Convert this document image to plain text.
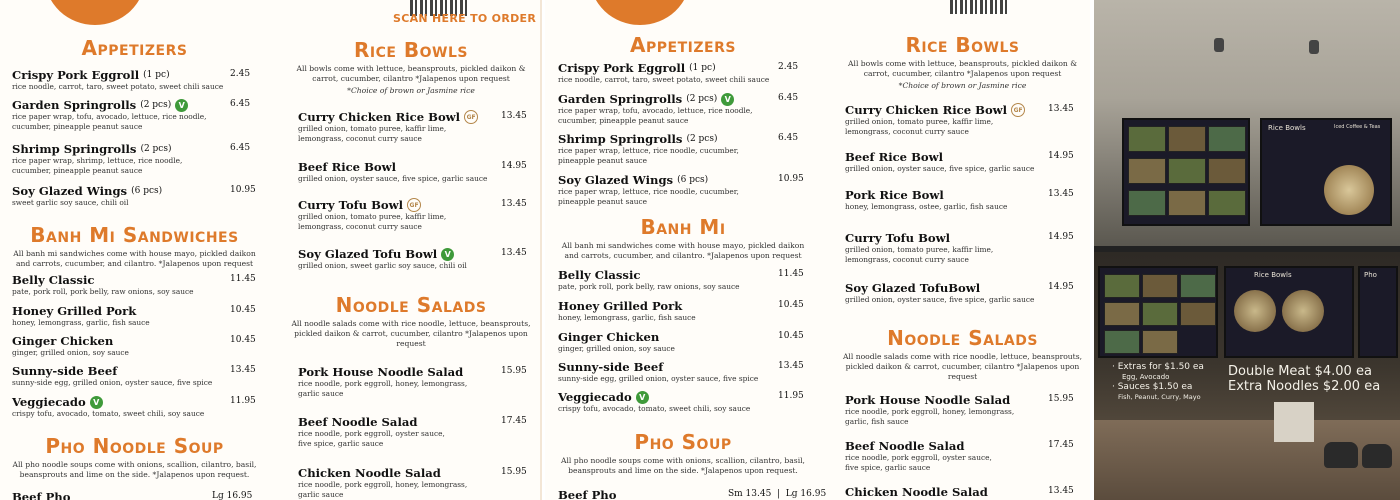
SCAN HERE TO ORDER
Appetizers
Crispy Pork Eggroll (1 pc)
rice noodle, carrot, taro, sweet potato, sweet chili sauce
2.45
Garden Springrolls (2 pcs) V
rice paper wrap, tofu, avocado, lettuce, rice noodle, cucumber, pineapple peanut sauce
6.45
Shrimp Springrolls (2 pcs)
rice paper wrap, shrimp, lettuce, rice noodle, cucumber, pineapple peanut sauce
6.45
Soy Glazed Wings (6 pcs)
sweet garlic soy sauce, chili oil
10.95
Banh Mi Sandwiches

All banh mi sandwiches come with house mayo, pickled daikon and carrots, cucumber, and cilantro. *Jalapenos upon request

Belly Classic
pate, pork roll, pork belly, raw onions, soy sauce
11.45
Honey Grilled Pork
honey, lemongrass, garlic, fish sauce
10.45
Ginger Chicken
ginger, grilled onion, soy sauce
10.45
Sunny-side Beef
sunny-side egg, grilled onion, oyster sauce, five spice
13.45
Veggiecado V
crispy tofu, avocado, tomato, sweet chili, soy sauce
11.95
Pho Noodle Soup

All pho noodle soups come with onions, scallion, cilantro, basil, beansprouts and lime on the side. *Jalapenos upon request.

Beef Pho	Lg 16.95
Rice Bowls

All bowls come with lettuce, beansprouts, pickled daikon & carrot, cucumber, cilantro *Jalapenos upon request

*Choice of brown or Jasmine rice

Curry Chicken Rice Bowl	GF
grilled onion, tomato puree, kaffir lime, lemongrass, coconut curry sauce
13.45
Beef Rice Bowl
grilled onion, oyster sauce, five spice, garlic sauce
14.95
Curry Tofu Bowl	GF
grilled onion, tomato puree, kaffir lime, lemongrass, coconut curry sauce
13.45
Soy Glazed Tofu Bowl V
grilled onion, sweet garlic soy sauce, chili oil
13.45
Noodle Salads

All noodle salads come with rice noodle, lettuce, beansprouts, pickled daikon & carrot, cucumber, cilantro *Jalapenos upon request

Pork House Noodle Salad
rice noodle, pork eggroll, honey, lemongrass, garlic sauce
15.95
Beef Noodle Salad
rice noodle, pork eggroll, oyster sauce, five spice, garlic sauce
17.45
Chicken Noodle Salad
rice noodle, pork eggroll, honey, lemongrass, garlic sauce
15.95
Appetizers
Crispy Pork Eggroll (1 pc)
rice noodle, carrot, taro, sweet potato, sweet chili sauce
2.45
Garden Springrolls (2 pcs) V
rice paper wrap, tofu, avocado, lettuce, rice noodle, cucumber, pineapple peanut sauce
6.45
Shrimp Springrolls (2 pcs)
rice paper wrap, lettuce, rice noodle, cucumber, pineapple peanut sauce
6.45
Soy Glazed Wings (6 pcs)
rice paper wrap, lettuce, rice noodle, cucumber, pineapple peanut sauce
10.95
Banh Mi

All banh mi sandwiches come with house mayo, pickled daikon and carrots, cucumber, and cilantro. *Jalapenos upon request

Belly Classic
pate, pork roll, pork belly, raw onions, soy sauce
11.45
Honey Grilled Pork
honey, lemongrass, garlic, fish sauce
10.45
Ginger Chicken
ginger, grilled onion, soy sauce
10.45
Sunny-side Beef
sunny-side egg, grilled onion, oyster sauce, five spice
13.45
Veggiecado V
crispy tofu, avocado, tomato, sweet chili, soy sauce
11.95
Pho Soup

All pho noodle soups come with onions, scallion, cilantro, basil, beansprouts and lime on the side. *Jalapenos upon request.

Beef Pho	Sm 13.45  |  Lg 16.95
Rice Bowls

All bowls come with lettuce, beansprouts, pickled daikon & carrot, cucumber, cilantro *Jalapenos upon request

*Choice of brown or Jasmine rice

Curry Chicken Rice Bowl	GF
grilled onion, tomato puree, kaffir lime, lemongrass, coconut curry sauce
13.45
Beef Rice Bowl
grilled onion, oyster sauce, five spice, garlic sauce
14.95
Pork Rice Bowl
honey, lemongrass, ostee, garlic, fish sauce
13.45
Curry Tofu Bowl
grilled onion, tomato puree, kaffir lime, lemongrass, coconut curry sauce
14.95
Soy Glazed TofuBowl
grilled onion, oyster sauce, five spice, garlic sauce
14.95
Noodle Salads

All noodle salads come with rice noodle, lettuce, beansprouts, pickled daikon & carrot, cucumber, cilantro *Jalapenos upon request

Pork House Noodle Salad
rice noodle, pork eggroll, honey, lemongrass, garlic, fish sauce
15.95
Beef Noodle Salad
rice noodle, pork eggroll, oyster sauce, five spice, garlic sauce
17.45
Chicken Noodle Salad	13.45
Rice Bowls	Iced Coffee & Teas
Rice Bowls	Pho
· Extras for $1.50 ea
Egg, Avocado
· Sauces $1.50 ea
Fish, Peanut, Curry, Mayo
Double Meat $4.00 ea
Extra Noodles $2.00 ea
